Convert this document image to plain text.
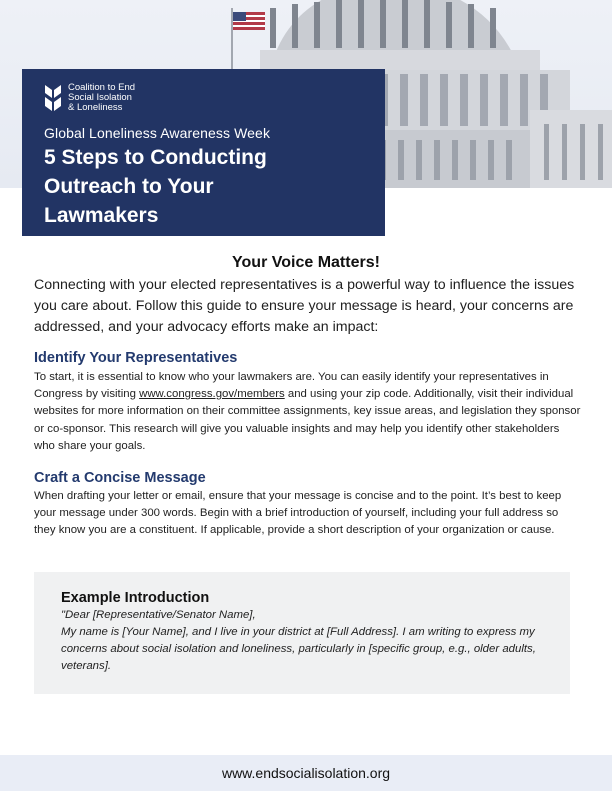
Coalition to End
Social Isolation
& Loneliness
Global Loneliness Awareness Week
5 Steps to Conducting
Outreach to Your
Lawmakers
Your Voice Matters!
Connecting with your elected representatives is a powerful way to influence the issues you care about. Follow this guide to ensure your message is heard, your concerns are addressed, and your advocacy efforts make an impact:
Identify Your Representatives
To start, it is essential to know who your lawmakers are. You can easily identify your representatives in Congress by visiting www.congress.gov/members and using your zip code. Additionally, visit their individual websites for more information on their committee assignments, key issue areas, and legislation they sponsor or co-sponsor. This research will give you valuable insights and may help you identify other stakeholders who share your goals.
Craft a Concise Message
When drafting your letter or email, ensure that your message is concise and to the point. It’s best to keep your message under 300 words. Begin with a brief introduction of yourself, including your full address so they know you are a constituent. If applicable, provide a short description of your organization or cause.
Example Introduction
"Dear [Representative/Senator Name],
My name is [Your Name], and I live in your district at [Full Address]. I am writing to express my concerns about social isolation and loneliness, particularly in [specific group, e.g., older adults, veterans].
www.endsocialisolation.org
